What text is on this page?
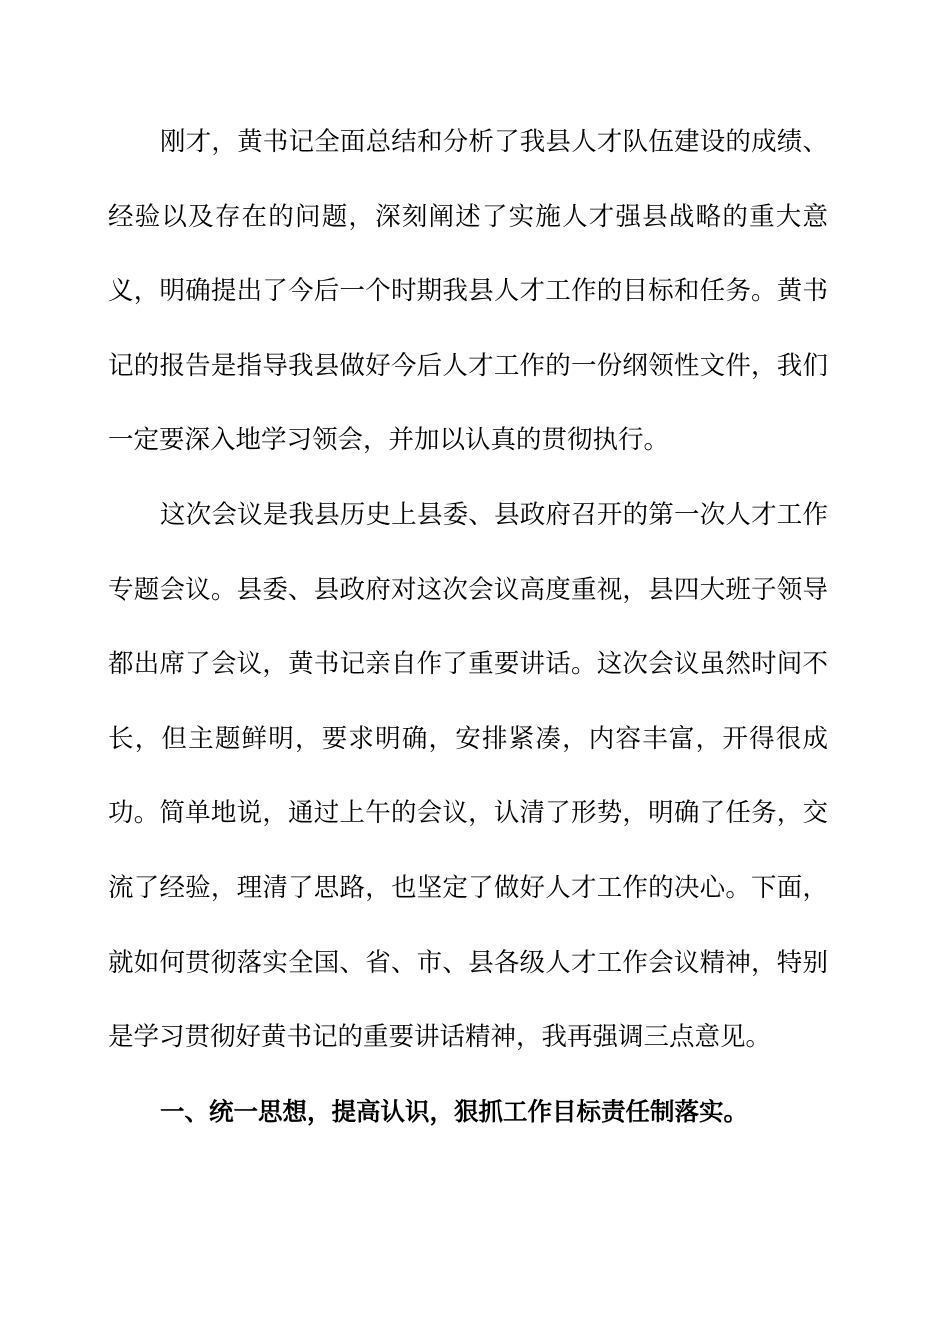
刚才，黄书记全面总结和分析了我县人才队伍建设的成绩、
经验以及存在的问题，深刻阐述了实施人才强县战略的重大意
义，明确提出了今后一个时期我县人才工作的目标和任务。黄书
记的报告是指导我县做好今后人才工作的一份纲领性文件，我们
一定要深入地学习领会，并加以认真的贯彻执行。
这次会议是我县历史上县委、县政府召开的第一次人才工作
专题会议。县委、县政府对这次会议高度重视，县四大班子领导
都出席了会议，黄书记亲自作了重要讲话。这次会议虽然时间不
长，但主题鲜明，要求明确，安排紧凑，内容丰富，开得很成
功。简单地说，通过上午的会议，认清了形势，明确了任务，交
流了经验，理清了思路，也坚定了做好人才工作的决心。下面，
就如何贯彻落实全国、省、市、县各级人才工作会议精神，特别
是学习贯彻好黄书记的重要讲话精神，我再强调三点意见。
一、统一思想，提高认识，狠抓工作目标责任制落实。
